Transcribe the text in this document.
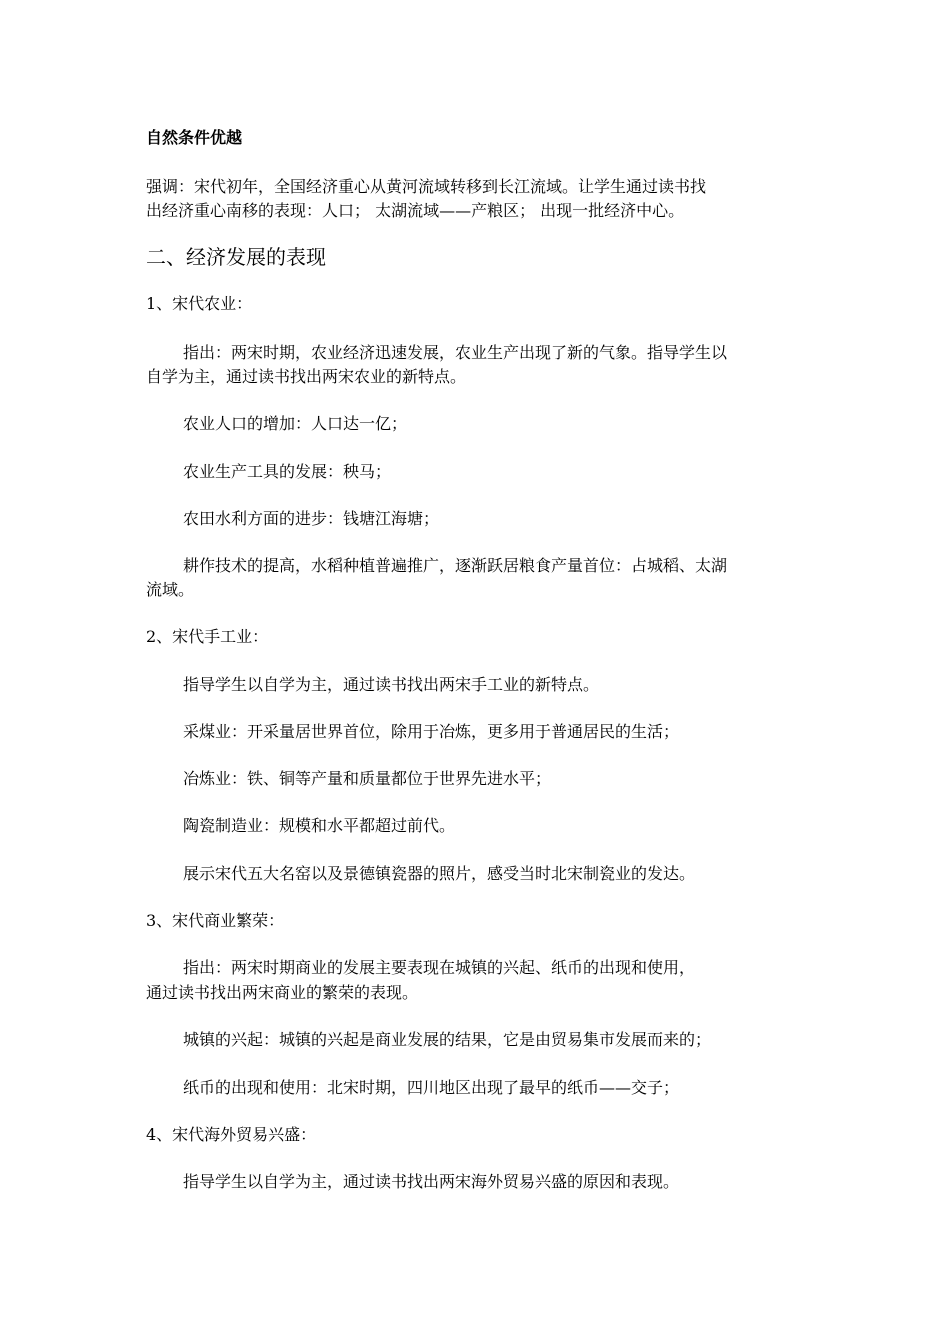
自然条件优越
强调：宋代初年，全国经济重心从黄河流域转移到长江流域。让学生通过读书找
出经济重心南移的表现：人口； 太湖流域——产粮区； 出现一批经济中心。
二、经济发展的表现
1、宋代农业：
指出：两宋时期，农业经济迅速发展，农业生产出现了新的气象。指导学生以
自学为主，通过读书找出两宋农业的新特点。
农业人口的增加：人口达一亿；
农业生产工具的发展：秧马；
农田水利方面的进步：钱塘江海塘；
耕作技术的提高，水稻种植普遍推广，逐渐跃居粮食产量首位：占城稻、太湖
流域。
2、宋代手工业：
指导学生以自学为主，通过读书找出两宋手工业的新特点。
采煤业：开采量居世界首位，除用于冶炼，更多用于普通居民的生活；
冶炼业：铁、铜等产量和质量都位于世界先进水平；
陶瓷制造业：规模和水平都超过前代。
展示宋代五大名窑以及景德镇瓷器的照片，感受当时北宋制瓷业的发达。
3、宋代商业繁荣：
指出：两宋时期商业的发展主要表现在城镇的兴起、纸币的出现和使用，
通过读书找出两宋商业的繁荣的表现。
城镇的兴起：城镇的兴起是商业发展的结果，它是由贸易集市发展而来的；
纸币的出现和使用：北宋时期，四川地区出现了最早的纸币——交子；
4、宋代海外贸易兴盛：
指导学生以自学为主，通过读书找出两宋海外贸易兴盛的原因和表现。
